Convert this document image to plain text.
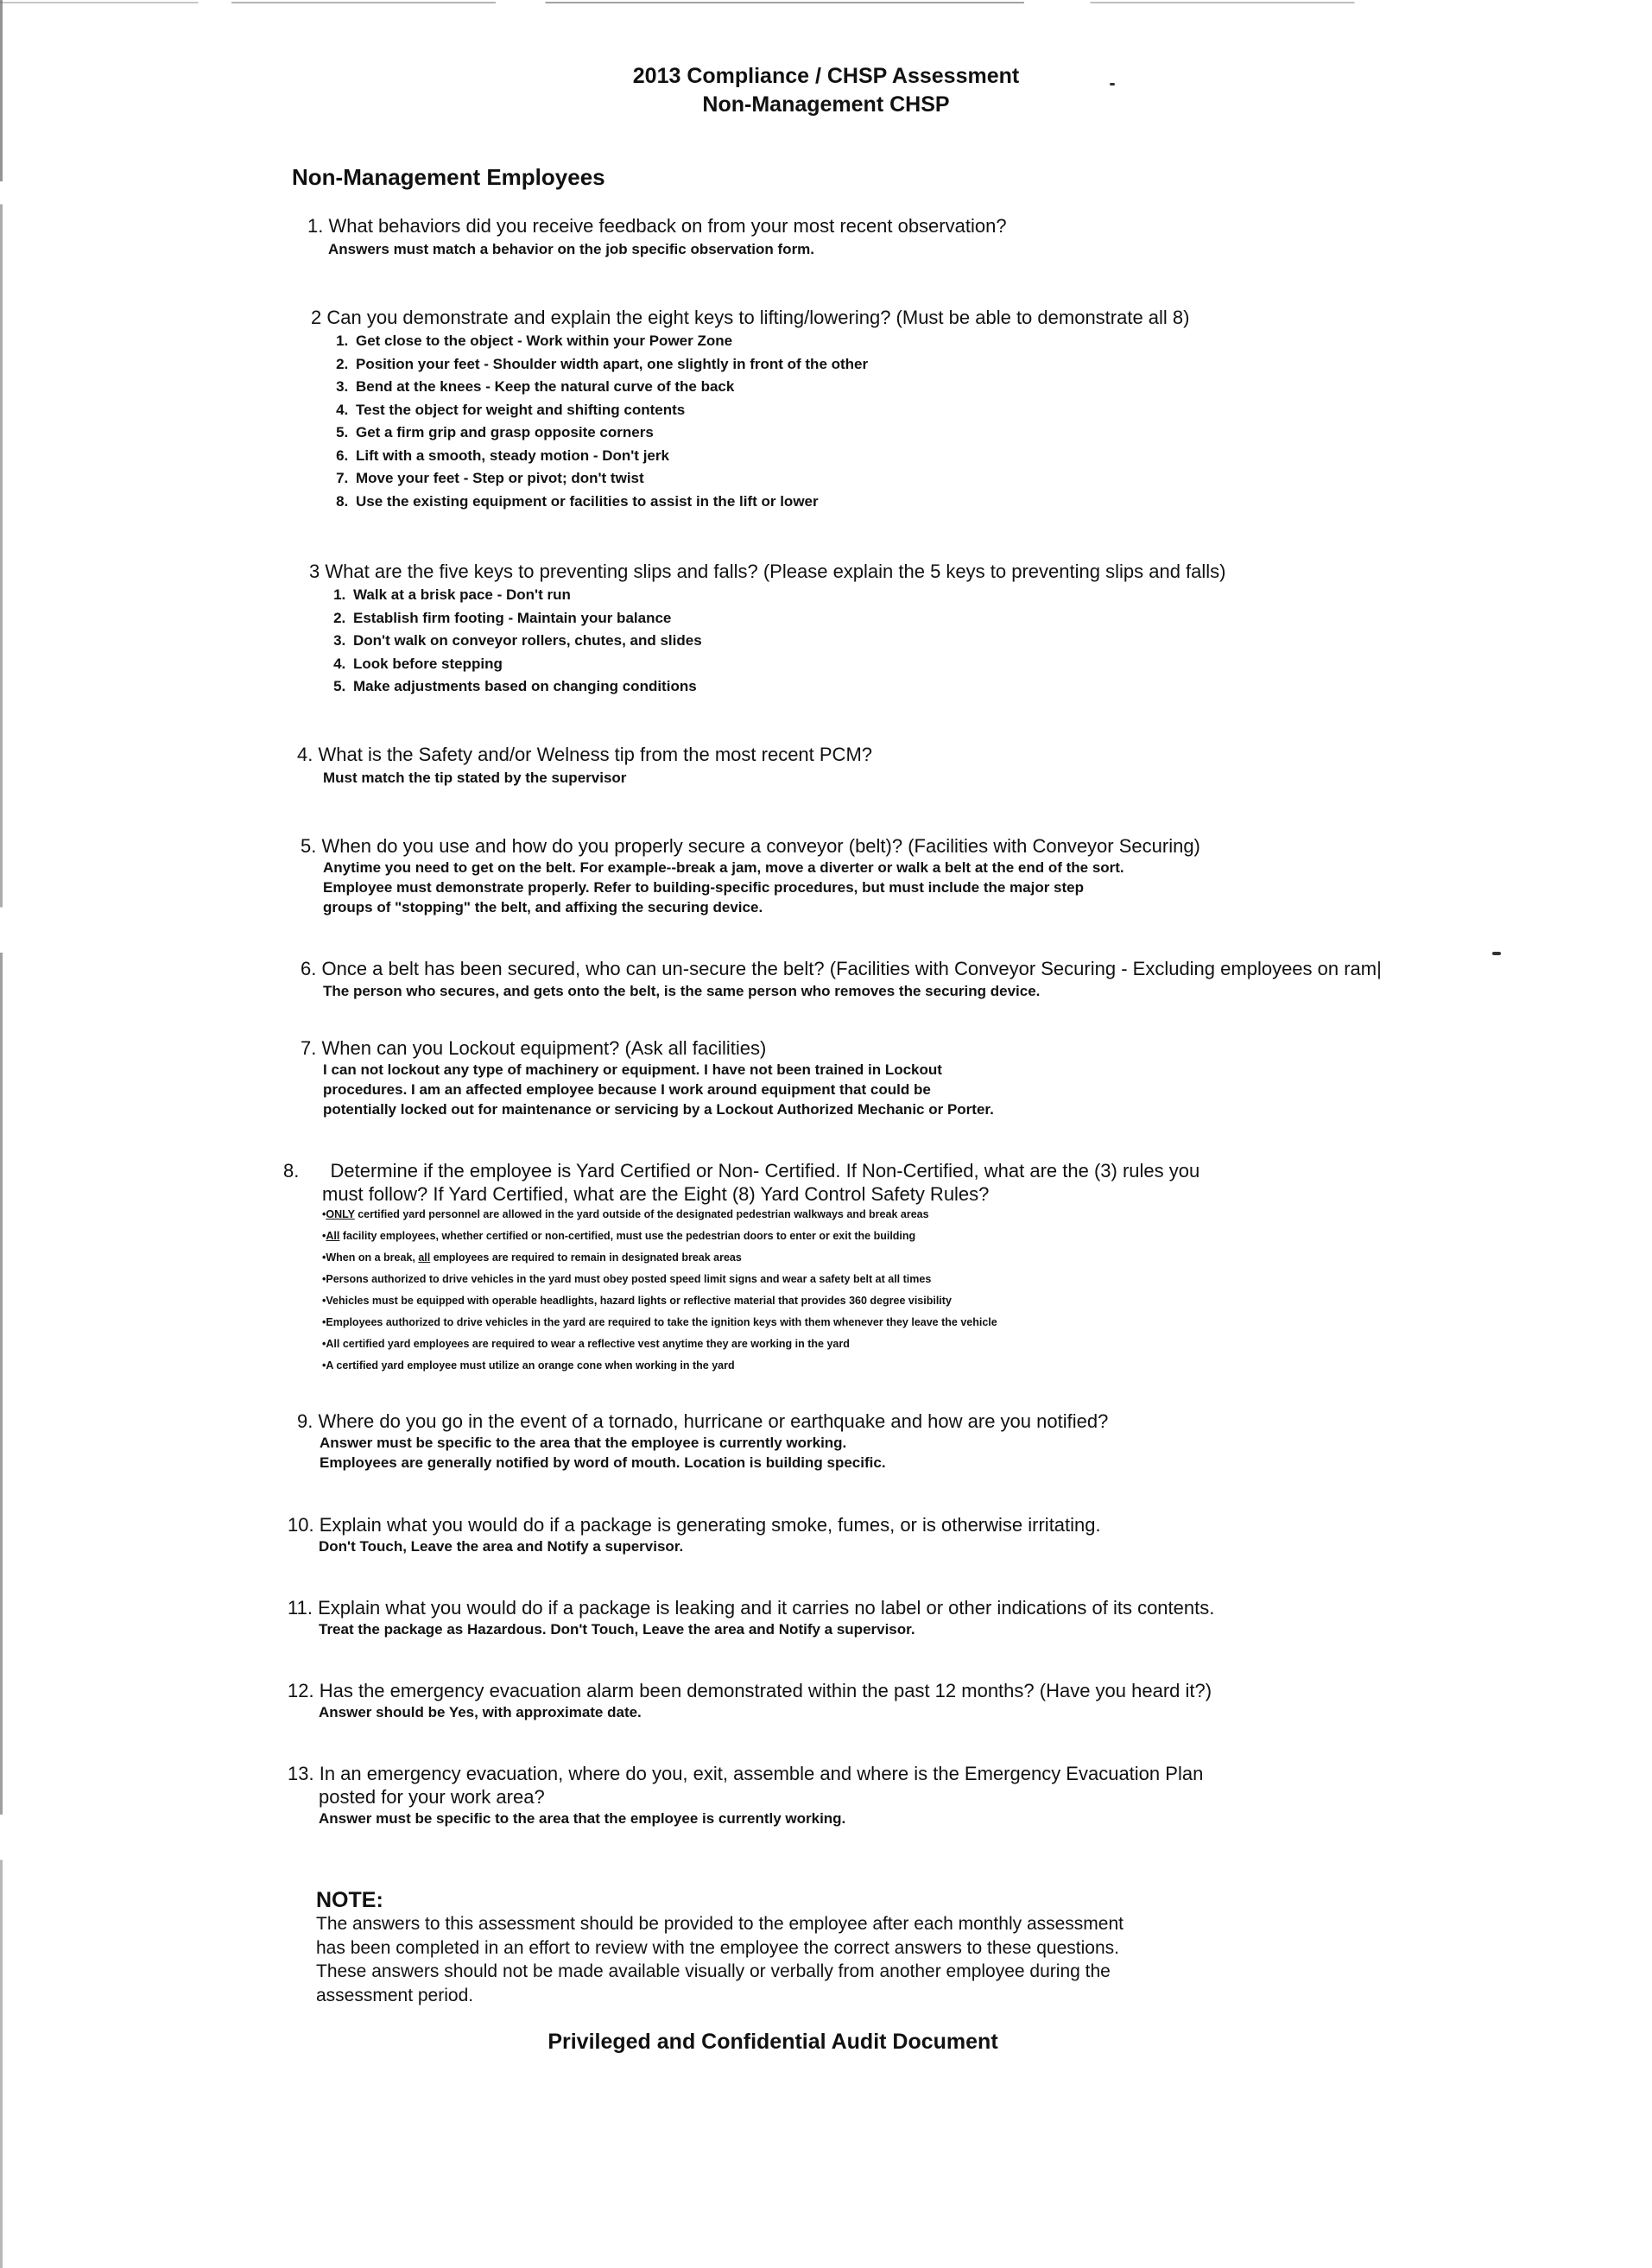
2013 Compliance / CHSP Assessment
Non-Management CHSP
Non-Management Employees
1. What behaviors did you receive feedback on from your most recent observation?
Answers must match a behavior on the job specific observation form.
2 Can you demonstrate and explain the eight keys to lifting/lowering? (Must be able to demonstrate all 8)
1. Get close to the object - Work within your Power Zone
2. Position your feet - Shoulder width apart, one slightly in front of the other
3. Bend at the knees - Keep the natural curve of the back
4. Test the object for weight and shifting contents
5. Get a firm grip and grasp opposite corners
6. Lift with a smooth, steady motion - Don't jerk
7. Move your feet - Step or pivot; don't twist
8. Use the existing equipment or facilities to assist in the lift or lower
3 What are the five keys to preventing slips and falls? (Please explain the 5 keys to preventing slips and falls)
1. Walk at a brisk pace - Don't run
2. Establish firm footing - Maintain your balance
3. Don't walk on conveyor rollers, chutes, and slides
4. Look before stepping
5. Make adjustments based on changing conditions
4. What is the Safety and/or Welness tip from the most recent PCM?
Must match the tip stated by the supervisor
5. When do you use and how do you properly secure a conveyor (belt)? (Facilities with Conveyor Securing)
Anytime you need to get on the belt. For example--break a jam, move a diverter or walk a belt at the end of the sort.
Employee must demonstrate properly. Refer to building-specific procedures, but must include the major step
groups of "stopping" the belt, and affixing the securing device.
6. Once a belt has been secured, who can un-secure the belt? (Facilities with Conveyor Securing - Excluding employees on ram|
The person who secures, and gets onto the belt, is the same person who removes the securing device.
7. When can you Lockout equipment? (Ask all facilities)
I can not lockout any type of machinery or equipment. I have not been trained in Lockout
procedures. I am an affected employee because I work around equipment that could be
potentially locked out for maintenance or servicing by a Lockout Authorized Mechanic or Porter.
8. Determine if the employee is Yard Certified or Non- Certified. If Non-Certified, what are the (3) rules you
must follow? If Yard Certified, what are the Eight (8) Yard Control Safety Rules?
•ONLY certified yard personnel are allowed in the yard outside of the designated pedestrian walkways and break areas
•All facility employees, whether certified or non-certified, must use the pedestrian doors to enter or exit the building
•When on a break, all employees are required to remain in designated break areas
•Persons authorized to drive vehicles in the yard must obey posted speed limit signs and wear a safety belt at all times
•Vehicles must be equipped with operable headlights, hazard lights or reflective material that provides 360 degree visibility
•Employees authorized to drive vehicles in the yard are required to take the ignition keys with them whenever they leave the vehicle
•All certified yard employees are required to wear a reflective vest anytime they are working in the yard
•A certified yard employee must utilize an orange cone when working in the yard
9. Where do you go in the event of a tornado, hurricane or earthquake and how are you notified?
Answer must be specific to the area that the employee is currently working.
Employees are generally notified by word of mouth. Location is building specific.
10. Explain what you would do if a package is generating smoke, fumes, or is otherwise irritating.
Don't Touch, Leave the area and Notify a supervisor.
11. Explain what you would do if a package is leaking and it carries no label or other indications of its contents.
Treat the package as Hazardous. Don't Touch, Leave the area and Notify a supervisor.
12. Has the emergency evacuation alarm been demonstrated within the past 12 months? (Have you heard it?)
Answer should be Yes, with approximate date.
13. In an emergency evacuation, where do you, exit, assemble and where is the Emergency Evacuation Plan
posted for your work area?
Answer must be specific to the area that the employee is currently working.
NOTE:
The answers to this assessment should be provided to the employee after each monthly assessment has been completed in an effort to review with tne employee the correct answers to these questions. These answers should not be made available visually or verbally from another employee during the assessment period.
Privileged and Confidential Audit Document
